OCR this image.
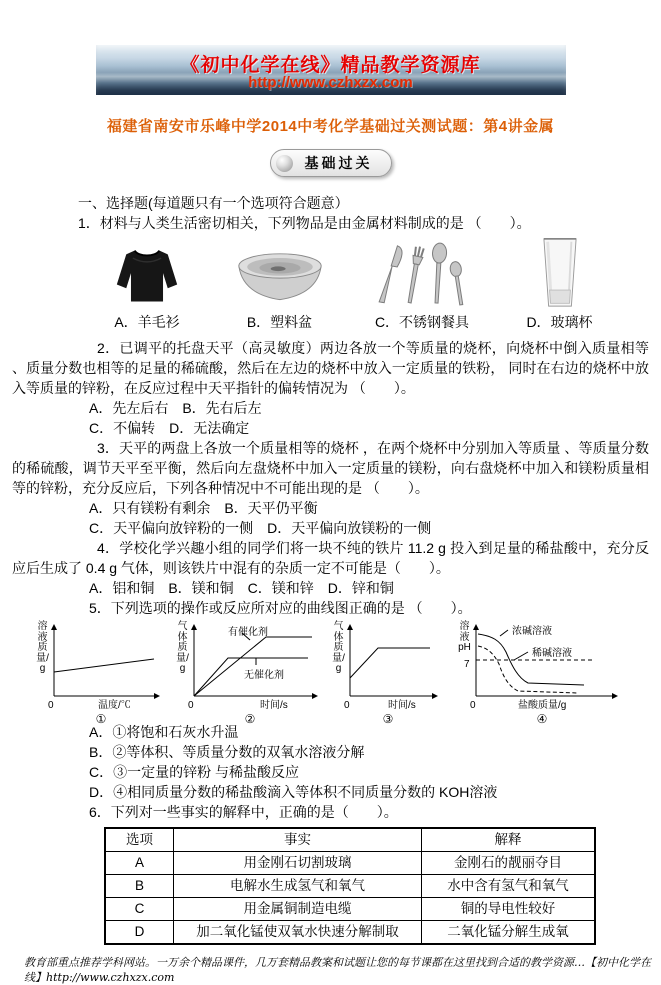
《初中化学在线》精品教学资源库
http://www.czhxzx.com
福建省南安市乐峰中学2014中考化学基础过关测试题：第4讲金属
基础过关

一、选择题(每道题只有一个选项符合题意）

1．材料与人类生活密切相关，下列物品是由金属材料制成的是 （　　）。

A．羊毛衫	B．塑料盆	C．不锈钢餐具	D．玻璃杯

2．已调平的托盘天平（高灵敏度）两边各放一个等质量的烧杯，向烧杯中倒入质量相等 、质量分数也相等的足量的稀硫酸，然后在左边的烧杯中放入一定质量的铁粉， 同时在右边的烧杯中放入等质量的锌粉，在反应过程中天平指针的偏转情况为 （　　）。

A．先左后右　B．先右后左

C．不偏转　D．无法确定

3．天平的两盘上各放一个质量相等的烧杯 ，在两个烧杯中分别加入等质量 、等质量分数的稀硫酸，调节天平至平衡，然后向左盘烧杯中加入一定质量的镁粉，向右盘烧杯中加入和镁粉质量相等的锌粉，充分反应后，下列各种情况中不可能出现的是 （　　）。

A．只有镁粉有剩余　B．天平仍平衡

C．天平偏向放锌粉的一侧　D．天平偏向放镁粉的一侧

4．学校化学兴趣小组的同学们将一块不纯的铁片 11.2 g 投入到足量的稀盐酸中，充分反应后生成了 0.4 g 气体，则该铁片中混有的杂质一定不可能是（　　）。

A．铝和铜　B．镁和铜　C．镁和锌　D．锌和铜

5．下列选项的操作或反应所对应的曲线图正确的是 （　　）。

溶液质量/g
0	温度/℃
①
气体质量/g
有催化剂
无催化剂
0	时间/s
②
气体质量/g
0	时间/s
③
溶液pH
7
浓碱溶液
稀碱溶液
0	盐酸质量/g
④

A．①将饱和石灰水升温

B．②等体积、等质量分数的双氧水溶液分解

C．③一定量的锌粉 与稀盐酸反应

D．④相同质量分数的稀盐酸滴入等体积不同质量分数的 KOH溶液

6．下列对一些事实的解释中，正确的是（　　）。

选项	事实	解释
A	用金刚石切割玻璃	金刚石的靓丽夺目
B	电解水生成氢气和氧气	水中含有氢气和氧气
C	用金属铜制造电缆	铜的导电性较好
D	加二氧化锰使双氧水快速分解制取	二氧化锰分解生成氧
教育部重点推荐学科网站。一万余个精品课件，几万套精品教案和试题让您的每节课都在这里找到合适的教学资源…【初中化学在线】http://www.czhxzx.com
